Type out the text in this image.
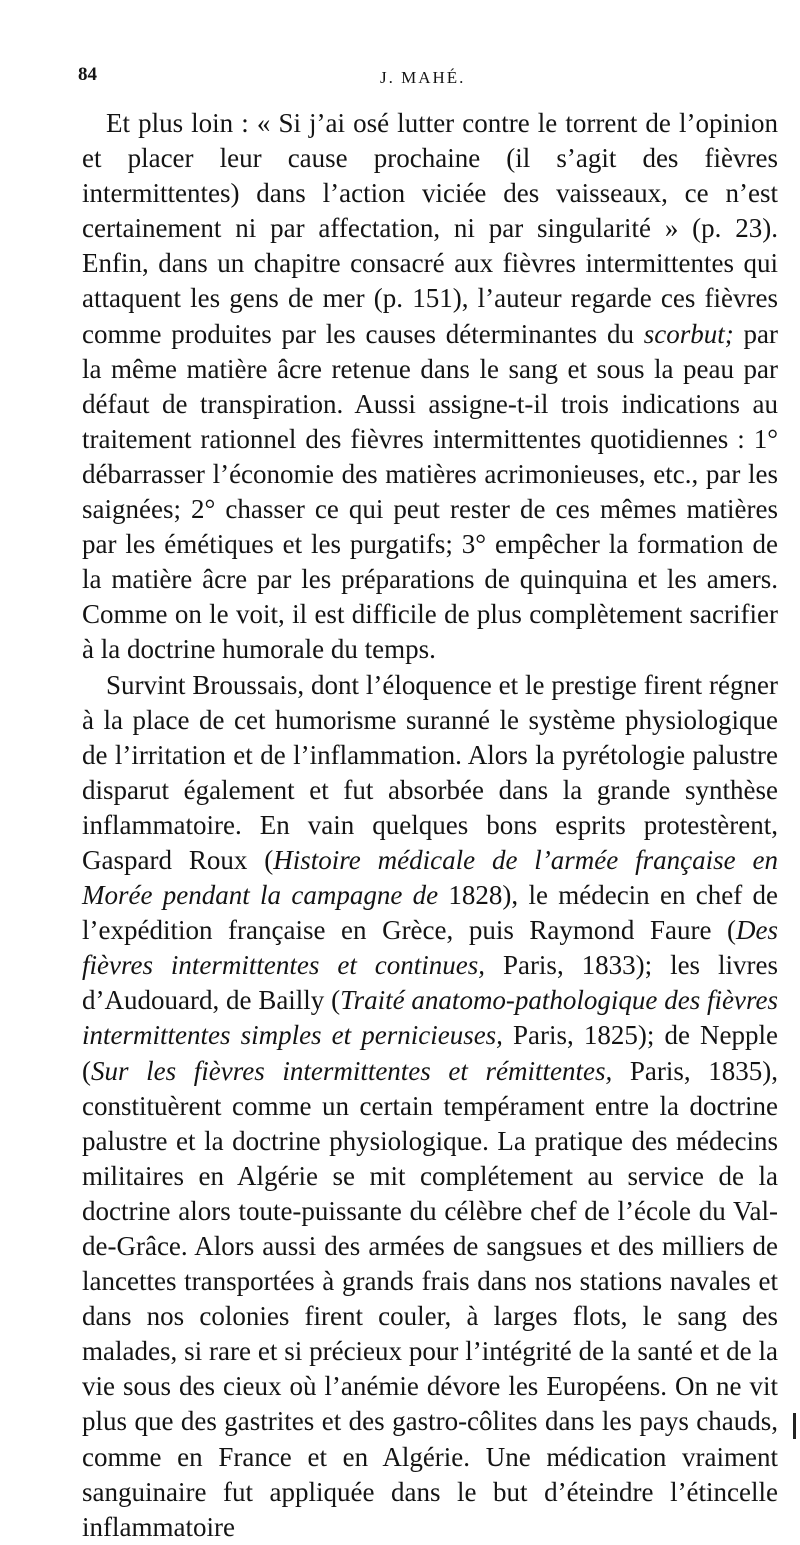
84	J. MAHÉ.

Et plus loin : « Si j’ai osé lutter contre le torrent de l’opinion et placer leur cause prochaine (il s’agit des fièvres intermittentes) dans l’action viciée des vaisseaux, ce n’est certainement ni par affectation, ni par singularité » (p. 23). Enfin, dans un chapitre consacré aux fièvres intermittentes qui attaquent les gens de mer (p. 151), l’auteur regarde ces fièvres comme produites par les causes déterminantes du scorbut; par la même matière âcre retenue dans le sang et sous la peau par défaut de transpiration. Aussi assigne-t-il trois indications au traitement rationnel des fièvres intermittentes quotidiennes : 1° débarrasser l’économie des matières acrimonieuses, etc., par les saignées; 2° chasser ce qui peut rester de ces mêmes matières par les émétiques et les purgatifs; 3° empêcher la formation de la matière âcre par les préparations de quinquina et les amers. Comme on le voit, il est difficile de plus complètement sacrifier à la doctrine humorale du temps.

Survint Broussais, dont l’éloquence et le prestige firent régner à la place de cet humorisme suranné le système physiologique de l’irritation et de l’inflammation. Alors la pyrétologie palustre disparut également et fut absorbée dans la grande synthèse inflammatoire. En vain quelques bons esprits protestèrent, Gaspard Roux (Histoire médicale de l’armée française en Morée pendant la campagne de 1828), le médecin en chef de l’expédition française en Grèce, puis Raymond Faure (Des fièvres intermittentes et continues, Paris, 1833); les livres d’Audouard, de Bailly (Traité anatomo-pathologique des fièvres intermittentes simples et pernicieuses, Paris, 1825); de Nepple (Sur les fièvres intermittentes et rémittentes, Paris, 1835), constituèrent comme un certain tempérament entre la doctrine palustre et la doctrine physiologique. La pratique des médecins militaires en Algérie se mit complétement au service de la doctrine alors toute-puissante du célèbre chef de l’école du Val-de-Grâce. Alors aussi des armées de sangsues et des milliers de lancettes transportées à grands frais dans nos stations navales et dans nos colonies firent couler, à larges flots, le sang des malades, si rare et si précieux pour l’intégrité de la santé et de la vie sous des cieux où l’anémie dévore les Européens. On ne vit plus que des gastrites et des gastro-côlites dans les pays chauds, comme en France et en Algérie. Une médication vraiment sanguinaire fut appliquée dans le but d’éteindre l’étincelle inflammatoire
